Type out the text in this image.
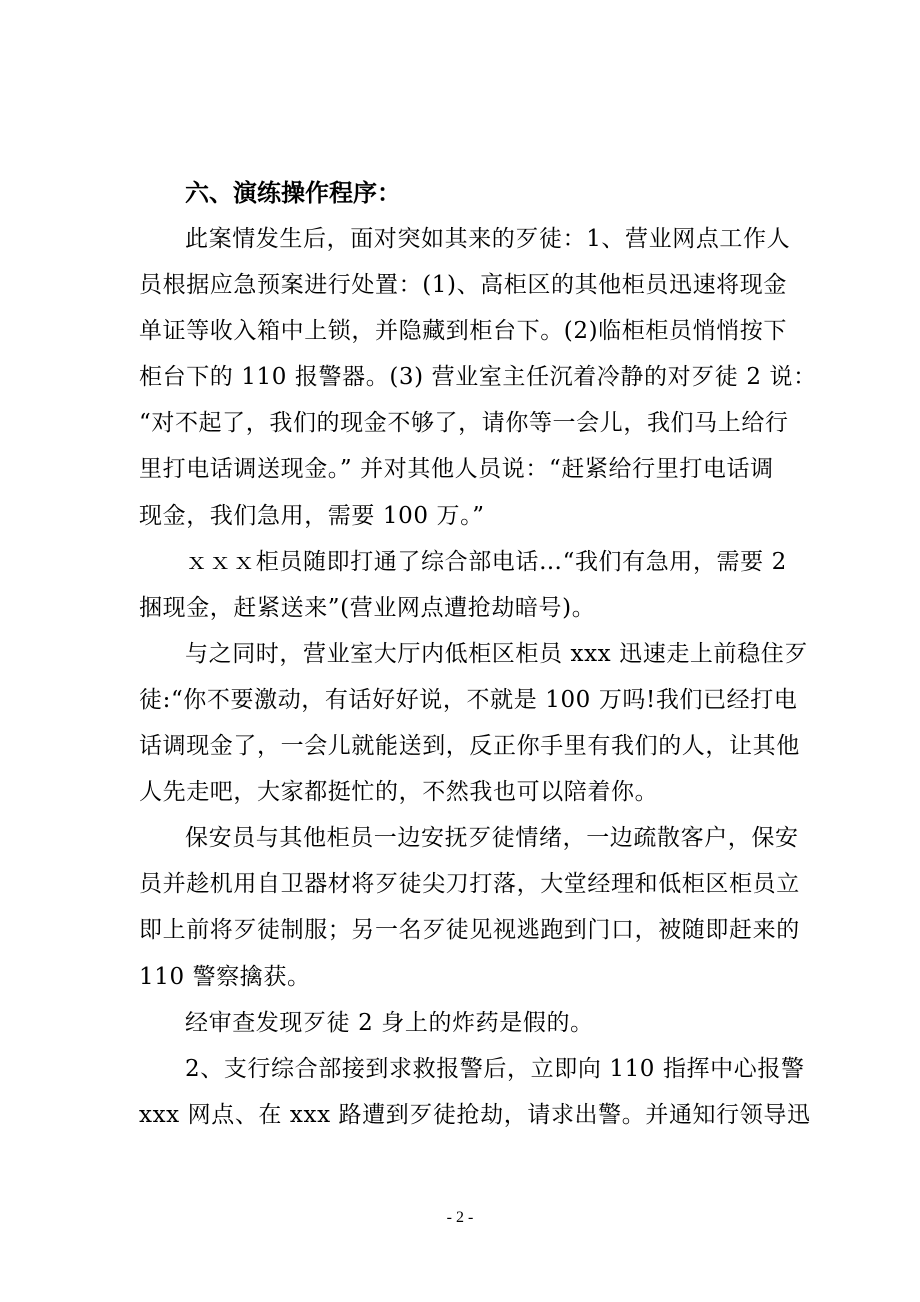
六、演练操作程序：
此案情发生后，面对突如其来的歹徒：1、营业网点工作人
员根据应急预案进行处置：(1)、高柜区的其他柜员迅速将现金
单证等收入箱中上锁，并隐藏到柜台下。(2)临柜柜员悄悄按下
柜台下的 110 报警器。(3) 营业室主任沉着冷静的对歹徒 2 说：
“对不起了，我们的现金不够了，请你等一会儿，我们马上给行
里打电话调送现金。” 并对其他人员说：“赶紧给行里打电话调
现金，我们急用，需要 100 万。”
ｘｘｘ柜员随即打通了综合部电话…“我们有急用，需要 2
捆现金，赶紧送来”(营业网点遭抢劫暗号)。
与之同时，营业室大厅内低柜区柜员 xxx 迅速走上前稳住歹
徒:“你不要激动，有话好好说，不就是 100 万吗!我们已经打电
话调现金了，一会儿就能送到，反正你手里有我们的人，让其他
人先走吧，大家都挺忙的，不然我也可以陪着你。
保安员与其他柜员一边安抚歹徒情绪，一边疏散客户，保安
员并趁机用自卫器材将歹徒尖刀打落，大堂经理和低柜区柜员立
即上前将歹徒制服；另一名歹徒见视逃跑到门口，被随即赶来的
110 警察擒获。
经审查发现歹徒 2 身上的炸药是假的。
2、支行综合部接到求救报警后，立即向 110 指挥中心报警
xxx 网点、在 xxx 路遭到歹徒抢劫，请求出警。并通知行领导迅
- 2 -
